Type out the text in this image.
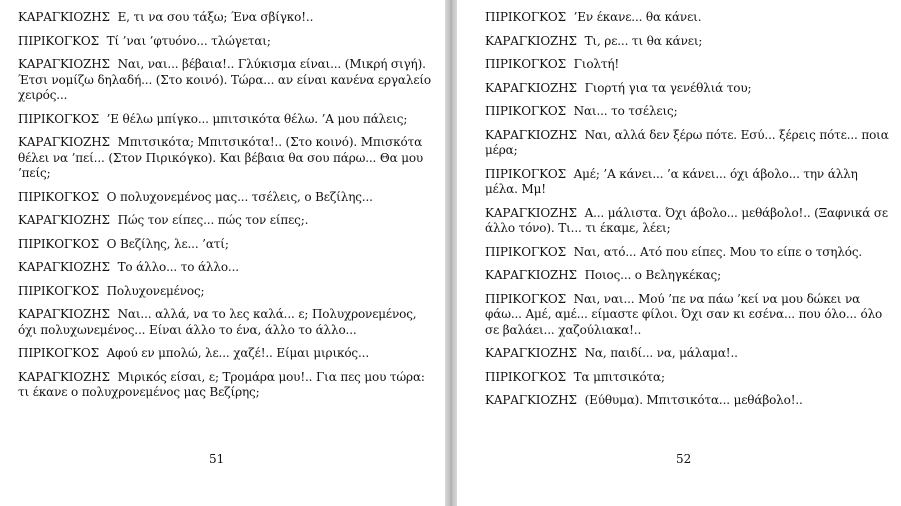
ΚΑΡΑΓΚΙΟΖΗΣ Ε, τι να σου τάξω; Ένα σβίγκο!..
ΠΙΡΙΚΟΓΚΟΣ Τί ’ναι ’φτυόνο... τλώγεται;
ΚΑΡΑΓΚΙΟΖΗΣ Ναι, ναι... βέβαια!.. Γλύκισμα είναι... (Μικρή σιγή). Έτσι νομίζω δηλαδή... (Στο κοινό). Τώρα... αν είναι κανένα εργαλείο χειρός...
ΠΙΡΙΚΟΓΚΟΣ ’Ε θέλω μπίγκο... μπιτσικότα θέλω. ’Α μου πάλεις;
ΚΑΡΑΓΚΙΟΖΗΣ Μπιτσικότα; Μπιτσικότα!.. (Στο κοινό). Μπισκότα θέλει να ’πεί... (Στον Πιρικόγκο). Και βέβαια θα σου πάρω... Θα μου ’πείς;
ΠΙΡΙΚΟΓΚΟΣ Ο πολυχονεμένος μας... τσέλεις, ο Βεζίλης...
ΚΑΡΑΓΚΙΟΖΗΣ Πώς τον είπες... πώς τον είπες;.
ΠΙΡΙΚΟΓΚΟΣ Ο Βεζίλης, λε... ’ατί;
ΚΑΡΑΓΚΙΟΖΗΣ Το άλλο... το άλλο...
ΠΙΡΙΚΟΓΚΟΣ Πολυχονεμένος;
ΚΑΡΑΓΚΙΟΖΗΣ Ναι... αλλά, να το λες καλά... ε; Πολυχρονεμένος, όχι πολυχωνεμένος... Είναι άλλο το ένα, άλλο το άλλο...
ΠΙΡΙΚΟΓΚΟΣ Αφού εν μπολώ, λε... χαζέ!.. Είμαι μιρικός...
ΚΑΡΑΓΚΙΟΖΗΣ Μιρικός είσαι, ε; Τρομάρα μου!.. Για πες μου τώρα: τι έκανε ο πολυχρονεμένος μας Βεζίρης;
51
ΠΙΡΙΚΟΓΚΟΣ ’Εν έκανε... θα κάνει.
ΚΑΡΑΓΚΙΟΖΗΣ Τι, ρε... τι θα κάνει;
ΠΙΡΙΚΟΓΚΟΣ Γιολτή!
ΚΑΡΑΓΚΙΟΖΗΣ Γιορτή για τα γενέθλιά του;
ΠΙΡΙΚΟΓΚΟΣ Ναι... το τσέλεις;
ΚΑΡΑΓΚΙΟΖΗΣ Ναι, αλλά δεν ξέρω πότε. Εσύ... ξέρεις πότε... ποια μέρα;
ΠΙΡΙΚΟΓΚΟΣ Αμέ; ’Α κάνει... ’α κάνει... όχι άβολο... την άλλη μέλα. Μμ!
ΚΑΡΑΓΚΙΟΖΗΣ Α... μάλιστα. Όχι άβολο... μεθάβολο!.. (Ξαφνικά σε άλλο τόνο). Τι... τι έκαμε, λέει;
ΠΙΡΙΚΟΓΚΟΣ Ναι, ατό... Ατό που είπες. Μου το είπε ο τσηλός.
ΚΑΡΑΓΚΙΟΖΗΣ Ποιος... ο Βεληγκέκας;
ΠΙΡΙΚΟΓΚΟΣ Ναι, ναι... Μού ’πε να πάω ’κεί να μου δώκει να φάω... Αμέ, αμέ... είμαστε φίλοι. Όχι σαν κι εσένα... που όλο... όλο σε βαλάει... χαζούλιακα!..
ΚΑΡΑΓΚΙΟΖΗΣ Να, παιδί... να, μάλαμα!..
ΠΙΡΙΚΟΓΚΟΣ Τα μπιτσικότα;
ΚΑΡΑΓΚΙΟΖΗΣ (Εύθυμα). Μπιτσικότα... μεθάβολο!..
52
